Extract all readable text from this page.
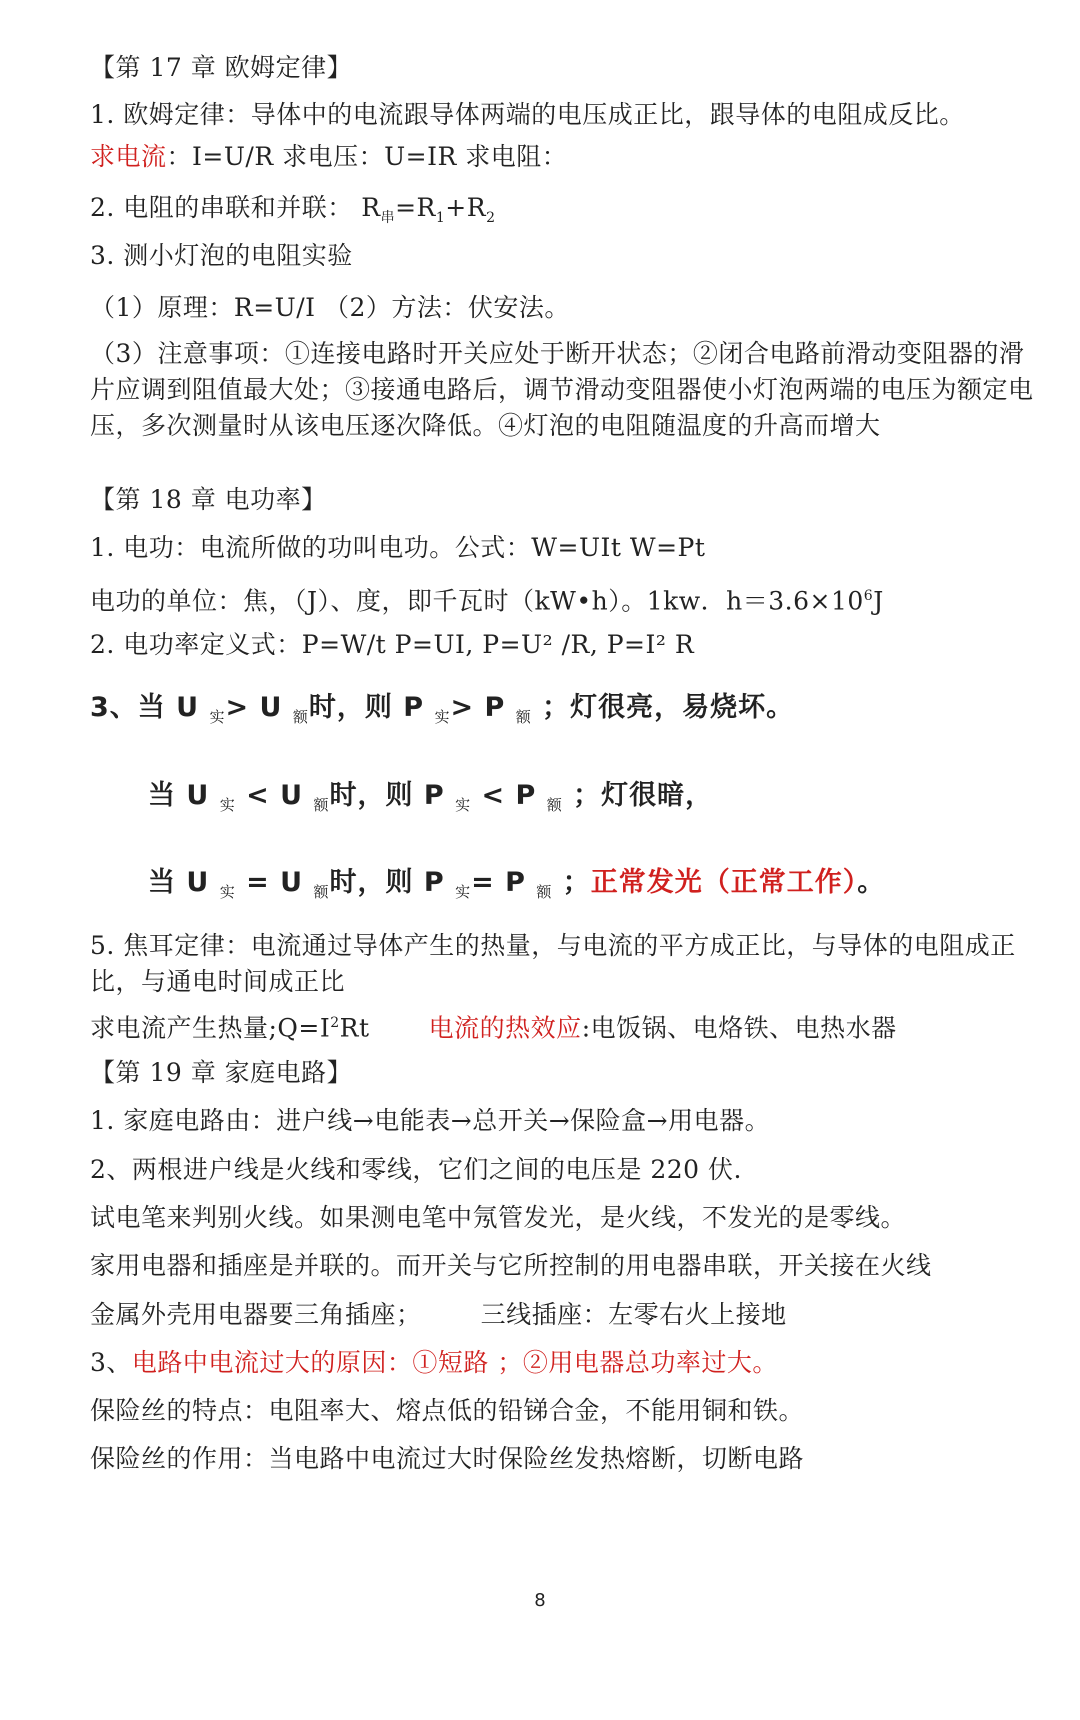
【第 17 章 欧姆定律】
1. 欧姆定律：导体中的电流跟导体两端的电压成正比，跟导体的电阻成反比。
求电流：I=U/R 求电压：U=IR 求电阻：
2. 电阻的串联和并联： $R_串=R_1+R_2$
3. 测小灯泡的电阻实验
（1）原理：R=U/I （2）方法：伏安法。
（3）注意事项：①连接电路时开关应处于断开状态；②闭合电路前滑动变阻器的滑片应调到阻值最大处；③接通电路后，调节滑动变阻器使小灯泡两端的电压为额定电压，多次测量时从该电压逐次降低。④灯泡的电阻随温度的升高而增大
【第 18 章 电功率】
1. 电功：电流所做的功叫电功。公式：W=UIt W=Pt
电功的单位：焦，（J）、度，即千瓦时（kW•h）。1kw．$h=3.6\times 10^6J$
2. 电功率定义式：P=W/t P=UI, P=U² /R, P=I² R
3、当 U $_实$> U $_额$时，则 P $_实$> P $_额$ ；灯很亮，易烧坏。
当 U $_实$ < U $_额$时，则 P $_实$ < P $_额$ ；灯很暗，
当 U $_实$ = U $_额$时，则 P $_实$= P $_额$ ；正常发光（正常工作）。
5. 焦耳定律：电流通过导体产生的热量，与电流的平方成正比，与导体的电阻成正比，与通电时间成正比
求电流产生热量$;Q=I^2Rt$       电流的热效应:电饭锅、电烙铁、电热水器
【第 19 章 家庭电路】
1. 家庭电路由：进户线→电能表→总开关→保险盒→用电器。
2、两根进户线是火线和零线，它们之间的电压是 220 伏.
试电笔来判别火线。如果测电笔中氖管发光，是火线，不发光的是零线。
家用电器和插座是并联的。而开关与它所控制的用电器串联，开关接在火线
金属外壳用电器要三角插座；       三线插座：左零右火上接地
3、电路中电流过大的原因：①短路 ；②用电器总功率过大。
保险丝的特点：电阻率大、熔点低的铅锑合金，不能用铜和铁。
保险丝的作用：当电路中电流过大时保险丝发热熔断，切断电路
8
